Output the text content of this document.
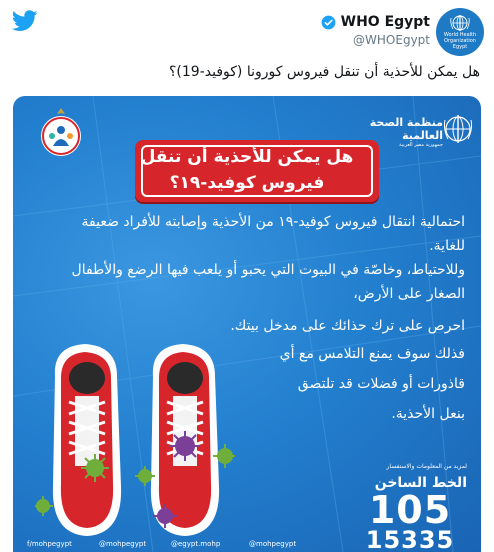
WHO Egypt
@WHOEgypt	World Health
Organization
Egypt
هل يمكن للأحذية أن تنقل فيروس كورونا (كوفيد-19)؟
منظمة الصحة العالمية
جمهورية مصر العربية
هل يمكن للأحذية أن تنقل
فيروس كوفيد-١٩؟
احتمالية انتقال فيروس كوفيد-١٩ من الأحذية وإصابته للأفراد ضعيفة
للغاية.
وللاحتياط، وخاصّة في البيوت التي يحبو أو يلعب فيها الرضع والأطفال
الصغار على الأرض،
احرص على ترك حذائك على مدخل بيتك.
فذلك سوف يمنع التلامس مع أي
قاذورات أو فضلات قد تلتصق
بنعل الأحذية.
لمزيد من المعلومات والاستفسار
الخط الساخن
105
15335
f/mohpegypt	@mohpegypt	@egypt.mohp	@mohpegypt
